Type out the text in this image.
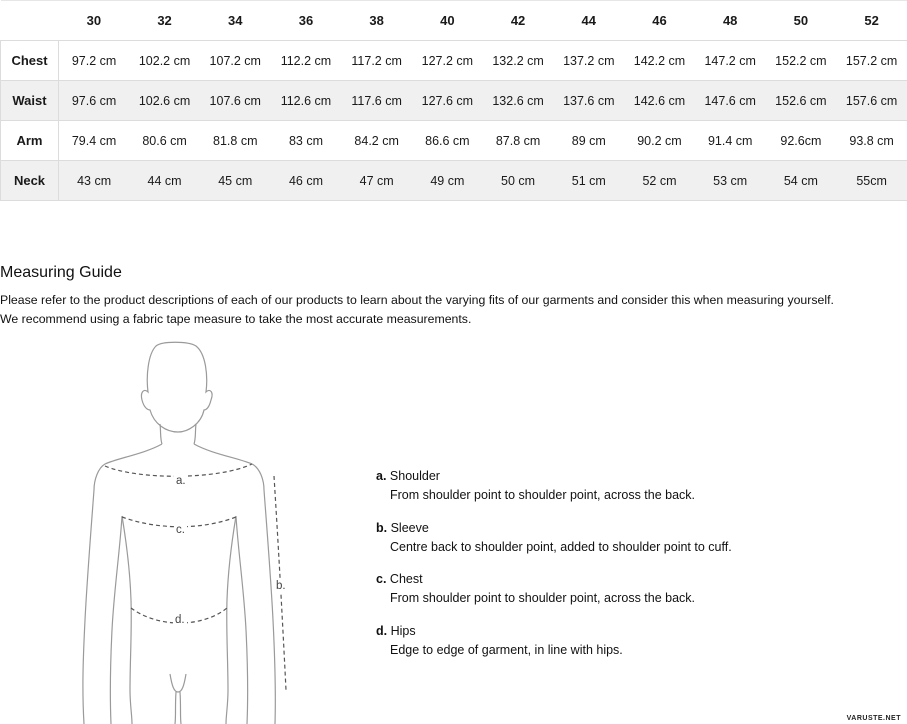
	30	32	34	36	38	40	42	44	46	48	50	52
Chest	97.2 cm	102.2 cm	107.2 cm	112.2 cm	117.2 cm	127.2 cm	132.2 cm	137.2 cm	142.2 cm	147.2 cm	152.2 cm	157.2 cm
Waist	97.6 cm	102.6 cm	107.6 cm	112.6 cm	117.6 cm	127.6 cm	132.6 cm	137.6 cm	142.6 cm	147.6 cm	152.6 cm	157.6 cm
Arm	79.4 cm	80.6 cm	81.8 cm	83 cm	84.2 cm	86.6 cm	87.8 cm	89 cm	90.2 cm	91.4 cm	92.6cm	93.8 cm
Neck	43 cm	44 cm	45 cm	46 cm	47 cm	49 cm	50 cm	51 cm	52 cm	53 cm	54 cm	55cm
Measuring Guide
Please refer to the product descriptions of each of our products to learn about the varying fits of our garments and consider this when measuring yourself.
We recommend using a fabric tape measure to take the most accurate measurements.
a.
c.
d.
b.
a. Shoulder
From shoulder point to shoulder point, across the back.
b. Sleeve
Centre back to shoulder point, added to shoulder point to cuff.
c. Chest
From shoulder point to shoulder point, across the back.
d. Hips
Edge to edge of garment, in line with hips.
VARUSTE.NET
